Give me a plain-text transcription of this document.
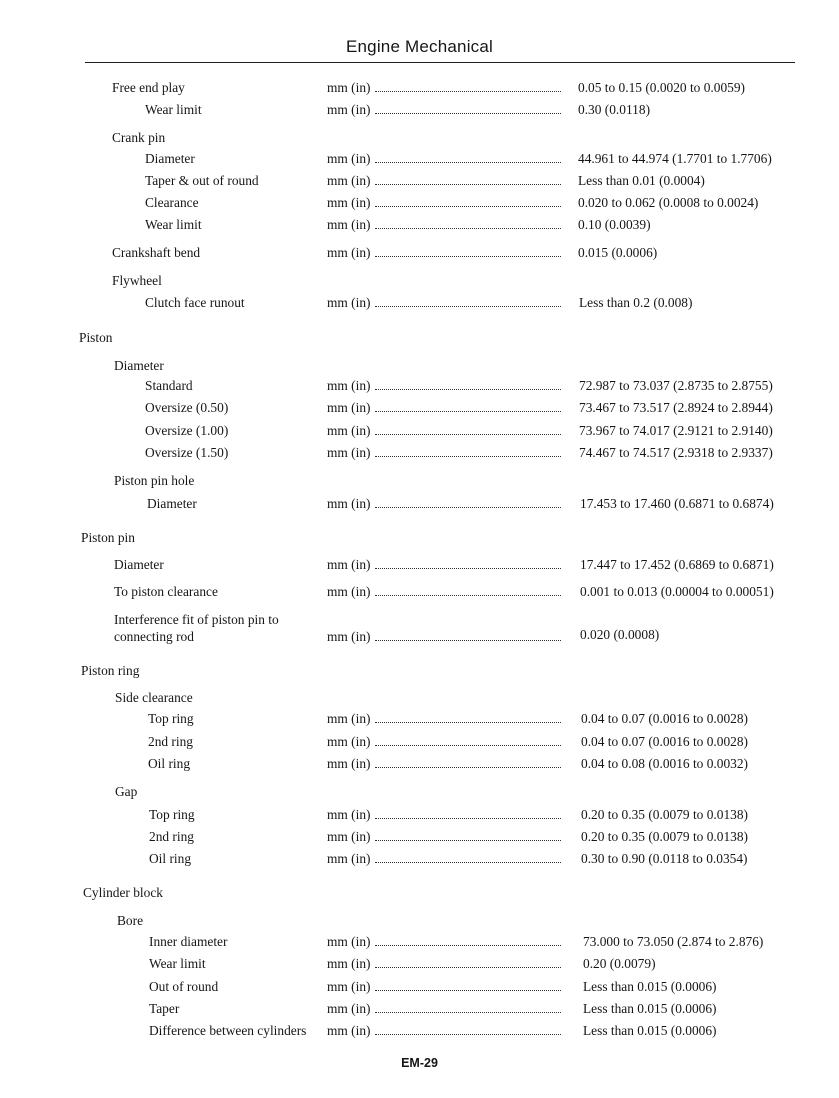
Engine Mechanical
Free end play	mm (in)	0.05 to 0.15 (0.0020 to 0.0059)
Wear limit	mm (in)	0.30 (0.0118)
Crank pin
Diameter	mm (in)	44.961 to 44.974 (1.7701 to 1.7706)
Taper & out of round	mm (in)	Less than 0.01 (0.0004)
Clearance	mm (in)	0.020 to 0.062 (0.0008 to 0.0024)
Wear limit	mm (in)	0.10 (0.0039)
Crankshaft bend	mm (in)	0.015 (0.0006)
Flywheel
Clutch face runout	mm (in)	Less than 0.2 (0.008)
Piston
Diameter
Standard	mm (in)	72.987 to 73.037 (2.8735 to 2.8755)
Oversize (0.50)	mm (in)	73.467 to 73.517 (2.8924 to 2.8944)
Oversize (1.00)	mm (in)	73.967 to 74.017 (2.9121 to 2.9140)
Oversize (1.50)	mm (in)	74.467 to 74.517 (2.9318 to 2.9337)
Piston pin hole
Diameter	mm (in)	17.453 to 17.460 (0.6871 to 0.6874)
Piston pin
Diameter	mm (in)	17.447 to 17.452 (0.6869 to 0.6871)
To piston clearance	mm (in)	0.001 to 0.013 (0.00004 to 0.00051)
Interference fit of piston pin to
connecting rod	mm (in)	0.020 (0.0008)
Piston ring
Side clearance
Top ring	mm (in)	0.04 to 0.07 (0.0016 to 0.0028)
2nd ring	mm (in)	0.04 to 0.07 (0.0016 to 0.0028)
Oil ring	mm (in)	0.04 to 0.08 (0.0016 to 0.0032)
Gap
Top ring	mm (in)	0.20 to 0.35 (0.0079 to 0.0138)
2nd ring	mm (in)	0.20 to 0.35 (0.0079 to 0.0138)
Oil ring	mm (in)	0.30 to 0.90 (0.0118 to 0.0354)
Cylinder block
Bore
Inner diameter	mm (in)	73.000 to 73.050 (2.874 to 2.876)
Wear limit	mm (in)	0.20 (0.0079)
Out of round	mm (in)	Less than 0.015 (0.0006)
Taper	mm (in)	Less than 0.015 (0.0006)
Difference between cylinders mm (in)	Less than 0.015 (0.0006)
EM-29
